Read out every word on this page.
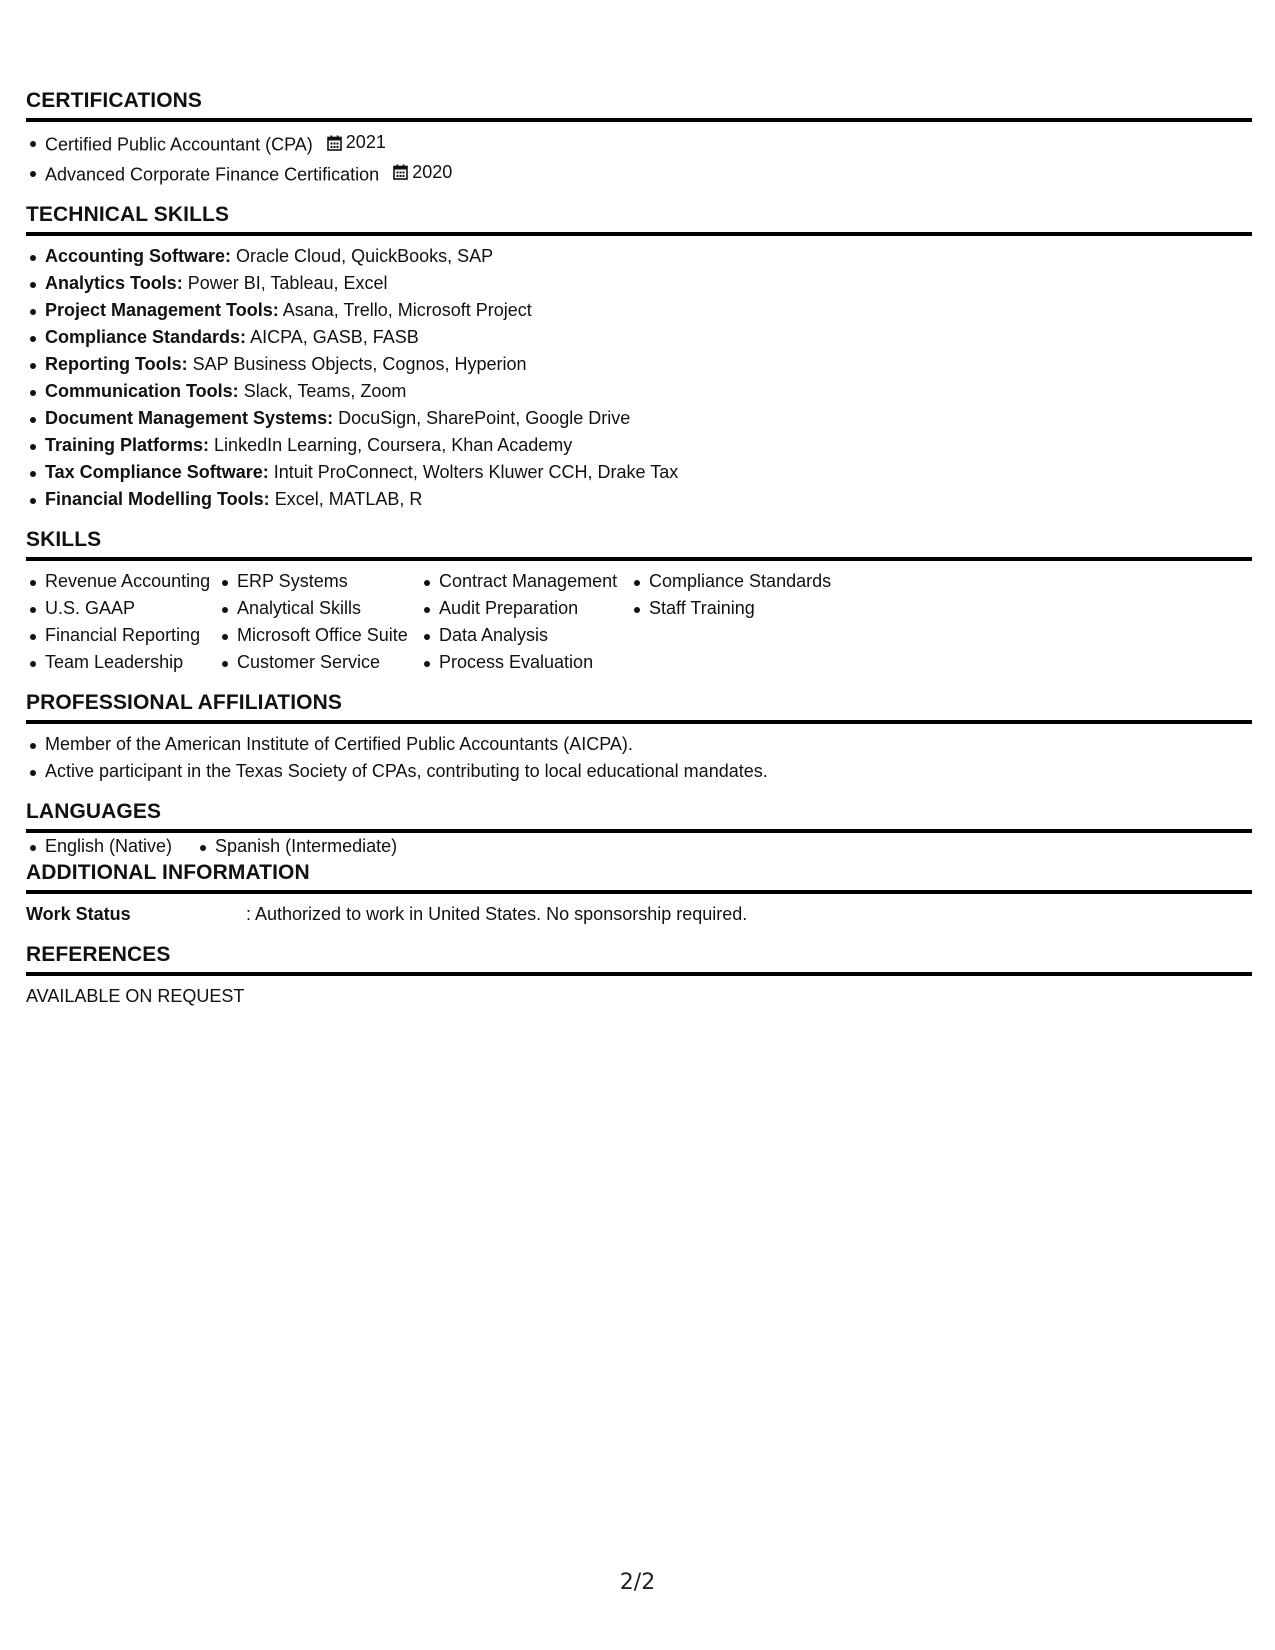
CERTIFICATIONS
Certified Public Accountant (CPA) 2021
Advanced Corporate Finance Certification 2020
TECHNICAL SKILLS
Accounting Software: Oracle Cloud, QuickBooks, SAP
Analytics Tools: Power BI, Tableau, Excel
Project Management Tools: Asana, Trello, Microsoft Project
Compliance Standards: AICPA, GASB, FASB
Reporting Tools: SAP Business Objects, Cognos, Hyperion
Communication Tools: Slack, Teams, Zoom
Document Management Systems: DocuSign, SharePoint, Google Drive
Training Platforms: LinkedIn Learning, Coursera, Khan Academy
Tax Compliance Software: Intuit ProConnect, Wolters Kluwer CCH, Drake Tax
Financial Modelling Tools: Excel, MATLAB, R
SKILLS
Revenue Accounting
U.S. GAAP
Financial Reporting
Team Leadership
ERP Systems
Analytical Skills
Microsoft Office Suite
Customer Service
Contract Management
Audit Preparation
Data Analysis
Process Evaluation
Compliance Standards
Staff Training
PROFESSIONAL AFFILIATIONS
Member of the American Institute of Certified Public Accountants (AICPA).
Active participant in the Texas Society of CPAs, contributing to local educational mandates.
LANGUAGES
English (Native)	Spanish (Intermediate)
ADDITIONAL INFORMATION
Work Status	: Authorized to work in United States. No sponsorship required.
REFERENCES
AVAILABLE ON REQUEST
2/2
